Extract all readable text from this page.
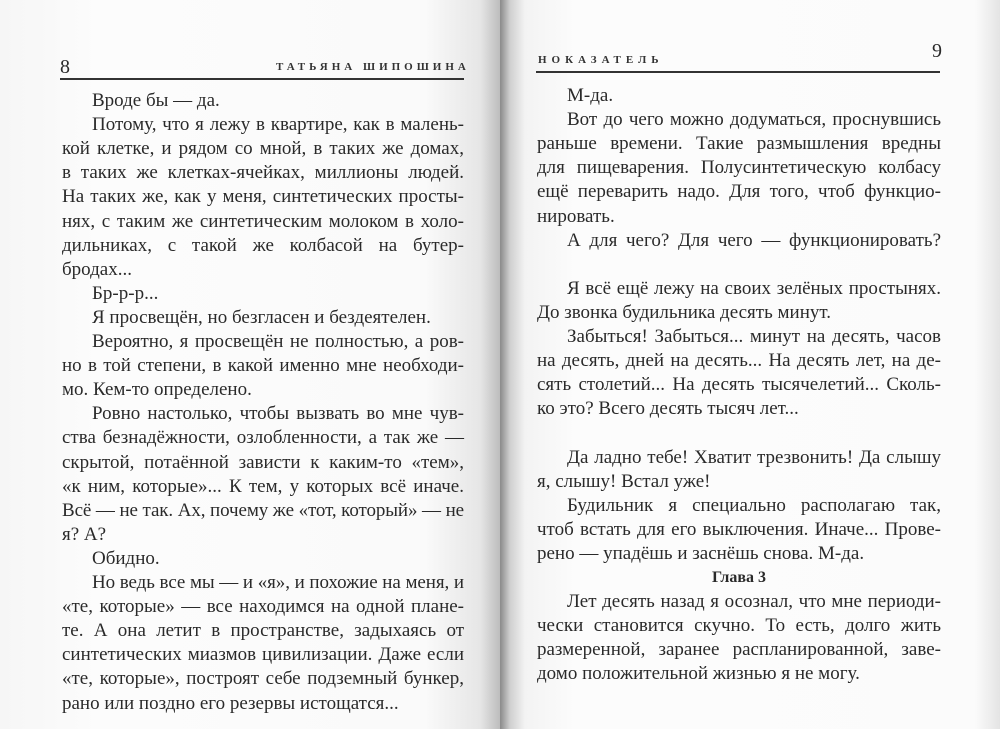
8	ТАТЬЯНА ШИПОШИНА
Вроде бы — да.
Потому, что я лежу в квартире, как в малень-
кой клетке, и рядом со мной, в таких же домах,
в таких же клетках-ячейках, миллионы людей.
На таких же, как у меня, синтетических просты-
нях, с таким же синтетическим молоком в холо-
дильниках, с такой же колбасой на бутер-
бродах...
Бр-р-р...
Я просвещён, но безгласен и бездеятелен.
Вероятно, я просвещён не полностью, а ров-
но в той степени, в какой именно мне необходи-
мо. Кем-то определено.
Ровно настолько, чтобы вызвать во мне чув-
ства безнадёжности, озлобленности, а так же —
скрытой, потаённой зависти к каким-то «тем»,
«к ним, которые»... К тем, у которых всё иначе.
Всё — не так. Ах, почему же «тот, который» — не
я? А?
Обидно.
Но ведь все мы — и «я», и похожие на меня, и
«те, которые» — все находимся на одной плане-
те. А она летит в пространстве, задыхаясь от
синтетических миазмов цивилизации. Даже если
«те, которые», построят себе подземный бункер,
рано или поздно его резервы истощатся...
НОКАЗАТЕЛЬ	9
М-да.
Вот до чего можно додуматься, проснувшись
раньше времени. Такие размышления вредны
для пищеварения. Полусинтетическую колбасу
ещё переварить надо. Для того, чтоб функцио-
нировать.
А для чего? Для чего — функционировать?
Я всё ещё лежу на своих зелёных простынях.
До звонка будильника десять минут.
Забыться! Забыться... минут на десять, часов
на десять, дней на десять... На десять лет, на де-
сять столетий... На десять тысячелетий... Сколь-
ко это? Всего десять тысяч лет...
Да ладно тебе! Хватит трезвонить! Да слышу
я, слышу! Встал уже!
Будильник я специально располагаю так,
чтоб встать для его выключения. Иначе... Прове-
рено — упадёшь и заснёшь снова. М-да.
Глава 3
Лет десять назад я осознал, что мне периоди-
чески становится скучно. То есть, долго жить
размеренной, заранее распланированной, заве-
домо положительной жизнью я не могу.
